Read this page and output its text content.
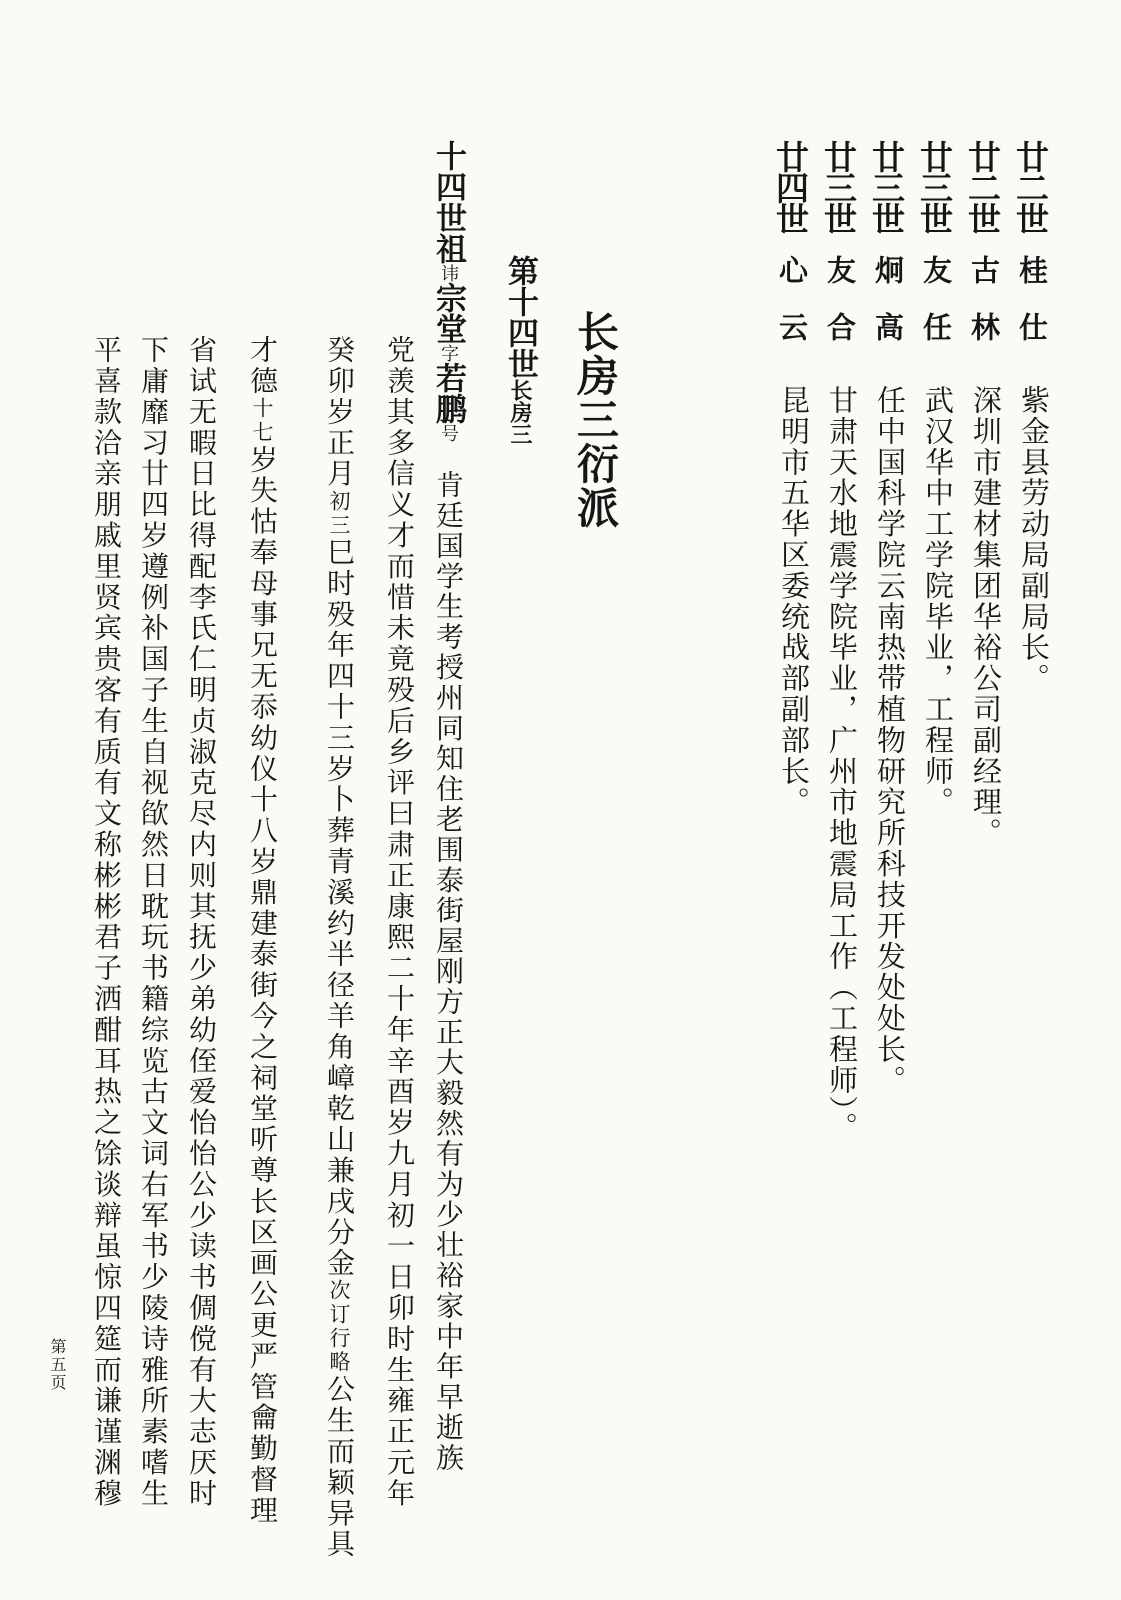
廿二世
桂仕
紫金县劳动局副局长。
廿二世
古林
深圳市建材集团华裕公司副经理。
廿三世
友任
武汉华中工学院毕业，工程师。
廿三世
炯高
任中国科学院云南热带植物研究所科技开发处处长。
廿三世
友合
甘肃天水地震学院毕业，广州市地震局工作（工程师）。
廿四世
心云
昆明市五华区委统战部副部长。
长房三衍派
第十四世长房三
十四世祖讳宗堂字若鹏号
肯廷国学生考授州同知住老围泰街屋刚方正大毅然有为少壮裕家中年早逝族
党羡其多信义才而惜未竟殁后乡评曰肃正康熙二十年辛酉岁九月初一日卯时生雍正元年
癸卯岁正月初三巳时殁年四十三岁卜葬青溪约半径羊角嶂乾山兼戌分金次订行略公生而颖异具
才德十七岁失怙奉母事兄无忝幼仪十八岁鼎建泰街今之祠堂听尊长区画公更严管龠勤督理
省试无暇日比得配李氏仁明贞淑克尽内则其抚少弟幼侄爱怡怡公少读书倜傥有大志厌时
下庸靡习廿四岁遵例补国子生自视欿然日耽玩书籍综览古文词右军书少陵诗雅所素嗜生
平喜款洽亲朋戚里贤宾贵客有质有文称彬彬君子洒酣耳热之馀谈辩虽惊四筵而谦谨渊穆
第五页
